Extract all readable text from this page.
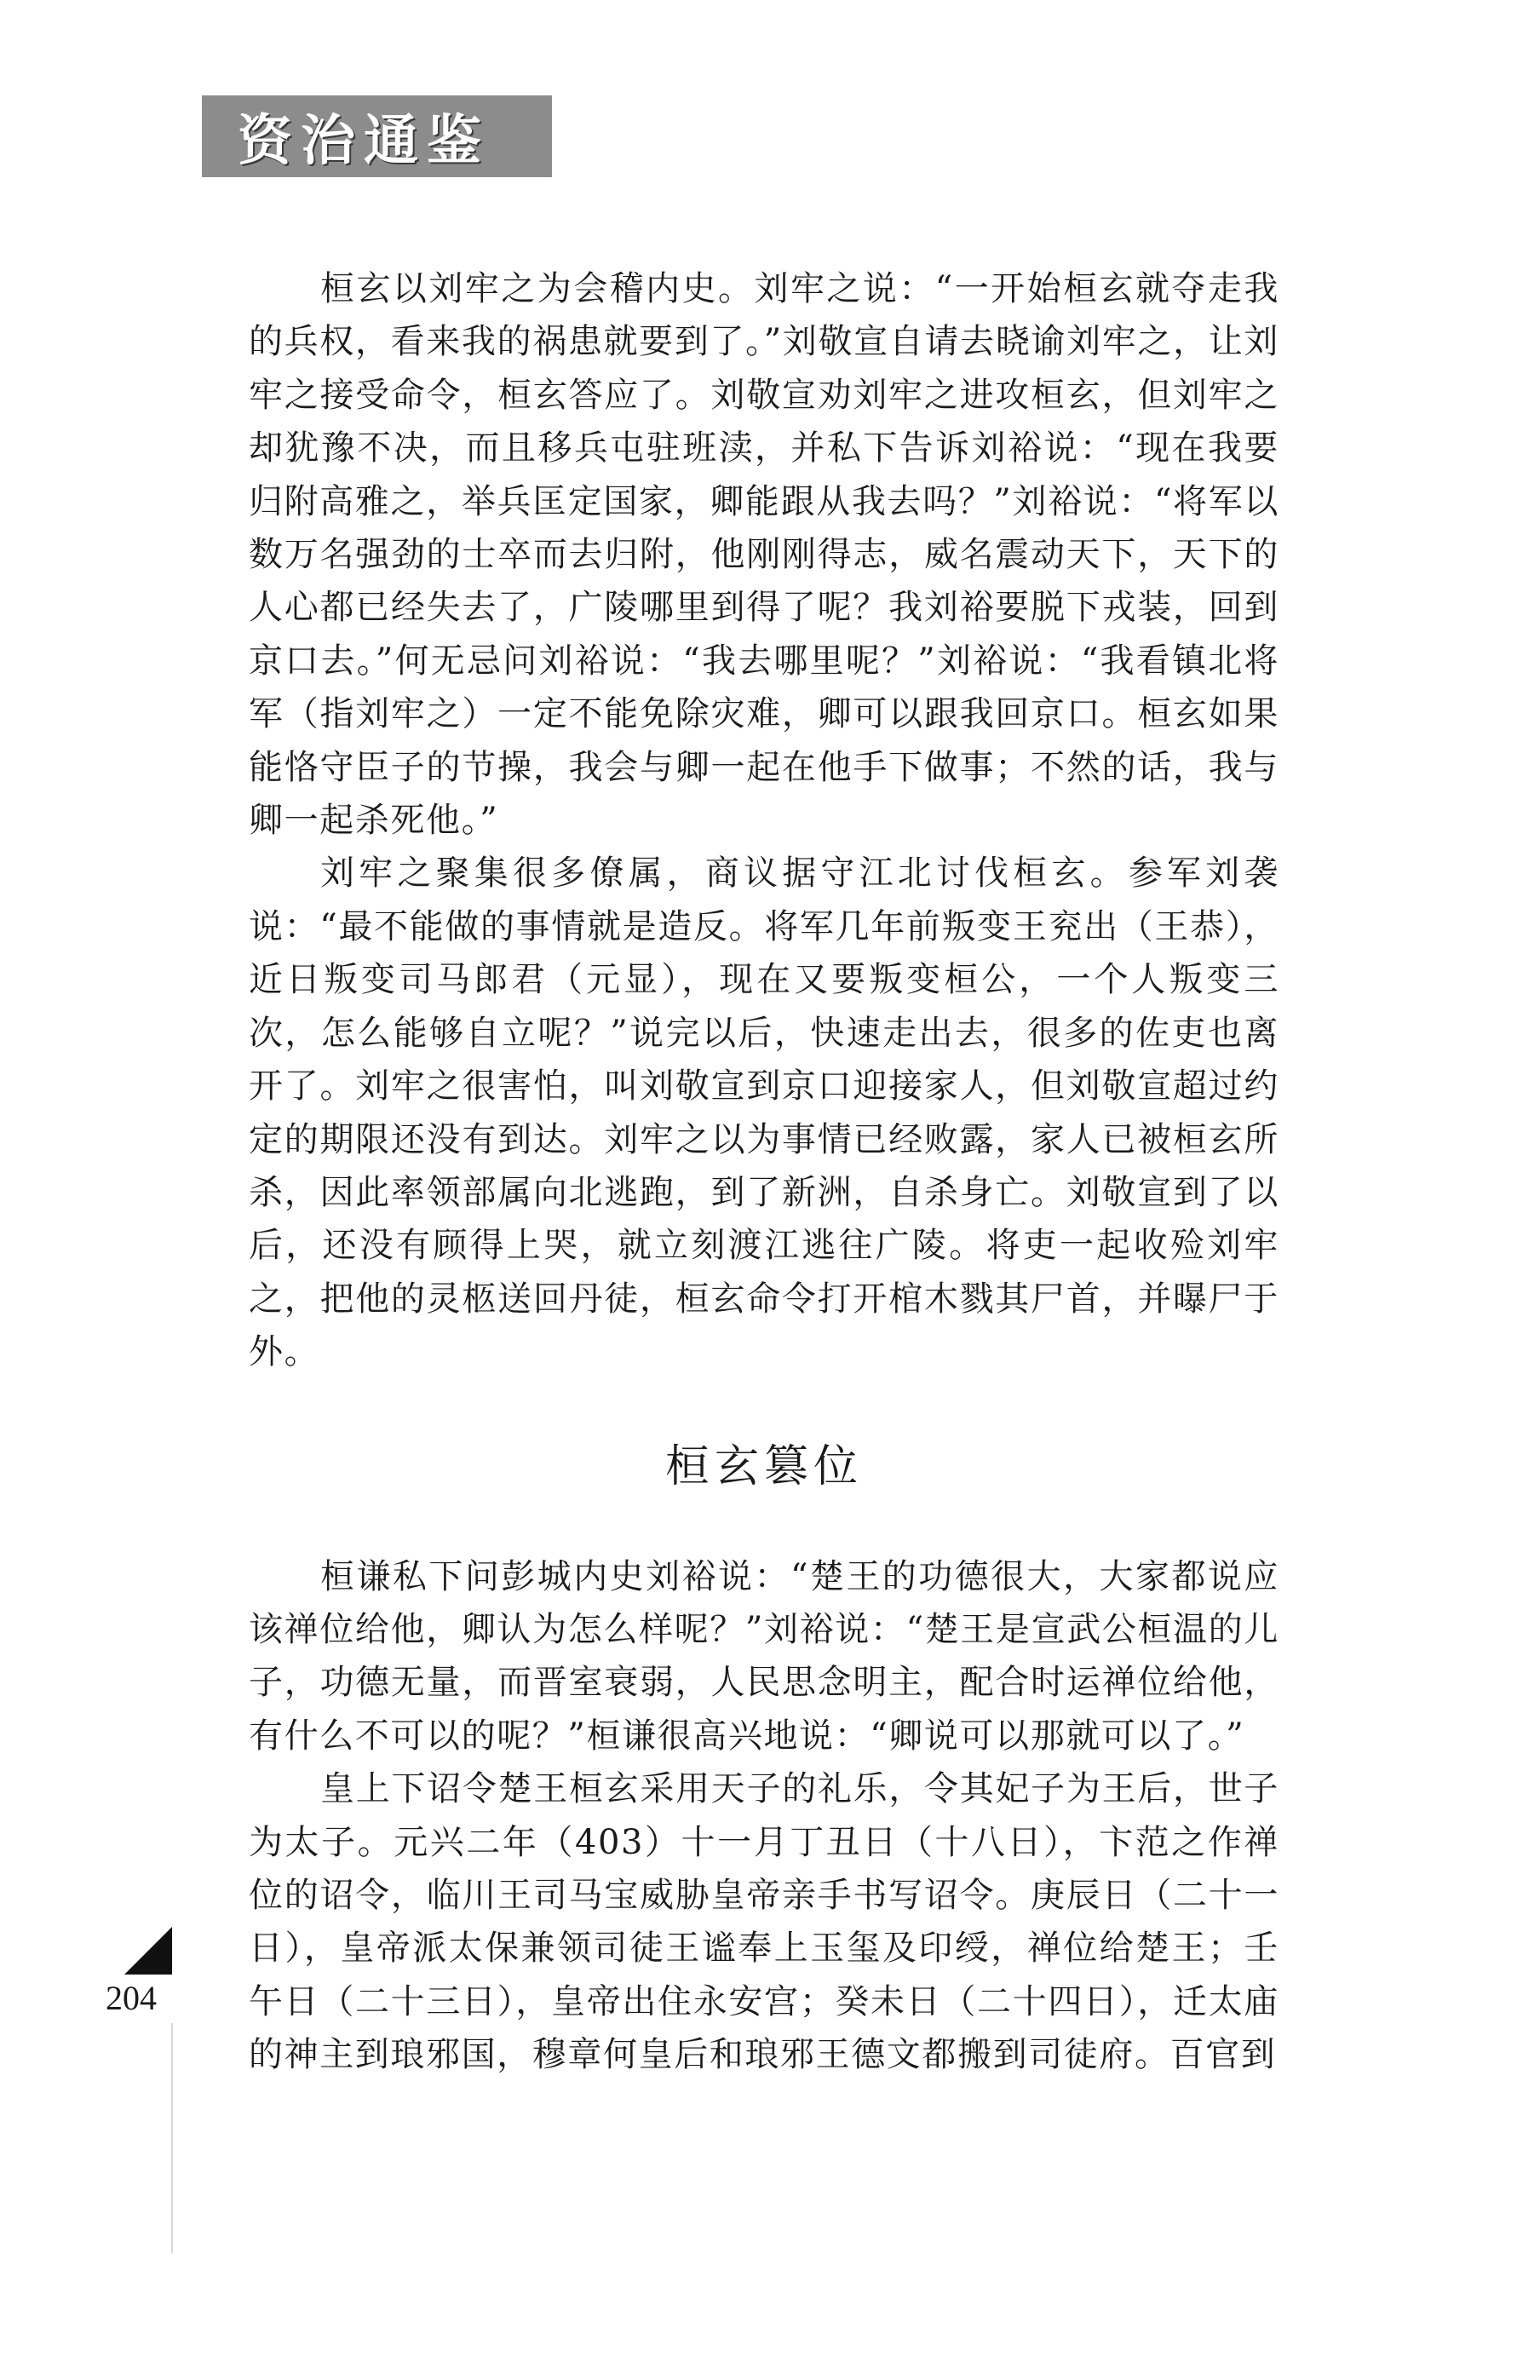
资治通鉴

桓玄以刘牢之为会稽内史。刘牢之说：“一开始桓玄就夺走我的兵权，看来我的祸患就要到了。”刘敬宣自请去晓谕刘牢之，让刘牢之接受命令，桓玄答应了。刘敬宣劝刘牢之进攻桓玄，但刘牢之却犹豫不决，而且移兵屯驻班渎，并私下告诉刘裕说：“现在我要归附高雅之，举兵匡定国家，卿能跟从我去吗？”刘裕说：“将军以数万名强劲的士卒而去归附，他刚刚得志，威名震动天下，天下的人心都已经失去了，广陵哪里到得了呢？我刘裕要脱下戎装，回到京口去。”何无忌问刘裕说：“我去哪里呢？”刘裕说：“我看镇北将军（指刘牢之）一定不能免除灾难，卿可以跟我回京口。桓玄如果能恪守臣子的节操，我会与卿一起在他手下做事；不然的话，我与卿一起杀死他。”

刘牢之聚集很多僚属，商议据守江北讨伐桓玄。参军刘袭说：“最不能做的事情就是造反。将军几年前叛变王兖出（王恭），近日叛变司马郎君（元显），现在又要叛变桓公，一个人叛变三次，怎么能够自立呢？”说完以后，快速走出去，很多的佐吏也离开了。刘牢之很害怕，叫刘敬宣到京口迎接家人，但刘敬宣超过约定的期限还没有到达。刘牢之以为事情已经败露，家人已被桓玄所杀，因此率领部属向北逃跑，到了新洲，自杀身亡。刘敬宣到了以后，还没有顾得上哭，就立刻渡江逃往广陵。将吏一起收殓刘牢之，把他的灵柩送回丹徒，桓玄命令打开棺木戮其尸首，并曝尸于外。

桓玄篡位

桓谦私下问彭城内史刘裕说：“楚王的功德很大，大家都说应该禅位给他，卿认为怎么样呢？”刘裕说：“楚王是宣武公桓温的儿子，功德无量，而晋室衰弱，人民思念明主，配合时运禅位给他，有什么不可以的呢？”桓谦很高兴地说：“卿说可以那就可以了。”

皇上下诏令楚王桓玄采用天子的礼乐，令其妃子为王后，世子为太子。元兴二年（403）十一月丁丑日（十八日），卞范之作禅位的诏令，临川王司马宝威胁皇帝亲手书写诏令。庚辰日（二十一日），皇帝派太保兼领司徒王谧奉上玉玺及印绶，禅位给楚王；壬午日（二十三日），皇帝出住永安宫；癸未日（二十四日），迁太庙的神主到琅邪国，穆章何皇后和琅邪王德文都搬到司徒府。百官到

204
